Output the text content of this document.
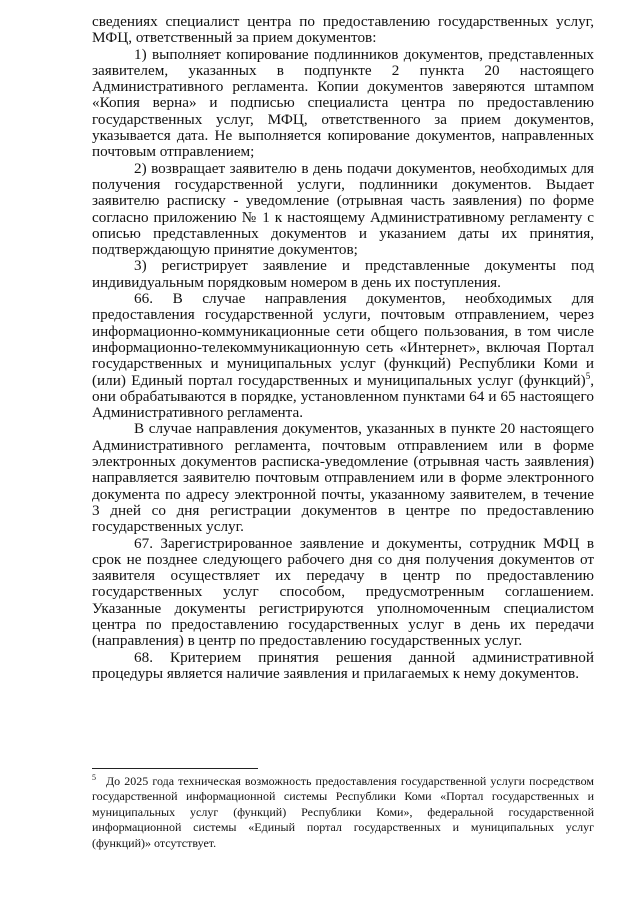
сведениях специалист центра по предоставлению государственных услуг, МФЦ, ответственный за прием документов:

1) выполняет копирование подлинников документов, представленных заявителем, указанных в подпункте 2 пункта 20 настоящего Административного регламента. Копии документов заверяются штампом «Копия верна» и подписью специалиста центра по предоставлению государственных услуг, МФЦ, ответственного за прием документов, указывается дата. Не выполняется копирование документов, направленных почтовым отправлением;

2) возвращает заявителю в день подачи документов, необходимых для получения государственной услуги, подлинники документов. Выдает заявителю расписку - уведомление (отрывная часть заявления) по форме согласно приложению № 1 к настоящему Административному регламенту с описью представленных документов и указанием даты их принятия, подтверждающую принятие документов;

3) регистрирует заявление и представленные документы под индивидуальным порядковым номером в день их поступления.

66. В случае направления документов, необходимых для предоставления государственной услуги, почтовым отправлением, через информационно-коммуникационные сети общего пользования, в том числе информационно-телекоммуникационную сеть «Интернет», включая Портал государственных и муниципальных услуг (функций) Республики Коми и (или) Единый портал государственных и муниципальных услуг (функций)$^5$, они обрабатываются в порядке, установленном пунктами 64 и 65 настоящего Административного регламента.

В случае направления документов, указанных в пункте 20 настоящего Административного регламента, почтовым отправлением или в форме электронных документов расписка-уведомление (отрывная часть заявления) направляется заявителю почтовым отправлением или в форме электронного документа по адресу электронной почты, указанному заявителем, в течение 3 дней со дня регистрации документов в центре по предоставлению государственных услуг.

67. Зарегистрированное заявление и документы, сотрудник МФЦ в срок не позднее следующего рабочего дня со дня получения документов от заявителя осуществляет их передачу в центр по предоставлению государственных услуг способом, предусмотренным соглашением. Указанные документы регистрируются уполномоченным специалистом центра по предоставлению государственных услуг в день их передачи (направления) в центр по предоставлению государственных услуг.

68. Критерием принятия решения данной административной процедуры является наличие заявления и прилагаемых к нему документов.

$^5$ До 2025 года техническая возможность предоставления государственной услуги посредством государственной информационной системы Республики Коми «Портал государственных и муниципальных услуг (функций) Республики Коми», федеральной государственной информационной системы «Единый портал государственных и муниципальных услуг (функций)» отсутствует.
